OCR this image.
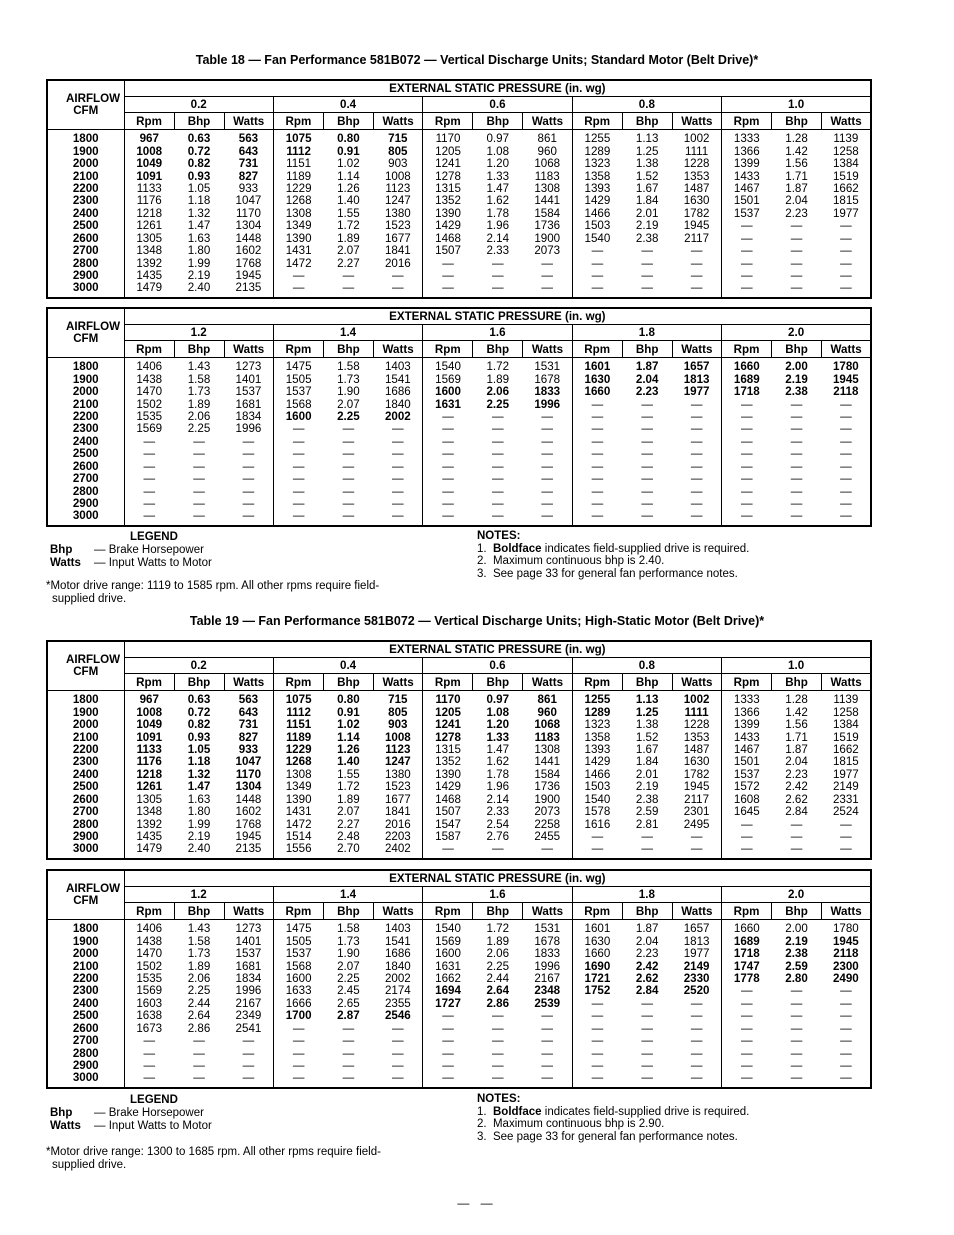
Table 18 — Fan Performance 581B072 — Vertical Discharge Units; Standard Motor (Belt Drive)*
AIRFLOW CFM	EXTERNAL STATIC PRESSURE (in. wg)														
	0.2			0.4			0.6			0.8			1.0		
	Rpm	Bhp	Watts	Rpm	Bhp	Watts	Rpm	Bhp	Watts	Rpm	Bhp	Watts	Rpm	Bhp	Watts
1800	967	0.63	563	1075	0.80	715	1170	0.97	861	1255	1.13	1002	1333	1.28	1139
1900	1008	0.72	643	1112	0.91	805	1205	1.08	960	1289	1.25	1111	1366	1.42	1258
2000	1049	0.82	731	1151	1.02	903	1241	1.20	1068	1323	1.38	1228	1399	1.56	1384
2100	1091	0.93	827	1189	1.14	1008	1278	1.33	1183	1358	1.52	1353	1433	1.71	1519
2200	1133	1.05	933	1229	1.26	1123	1315	1.47	1308	1393	1.67	1487	1467	1.87	1662
2300	1176	1.18	1047	1268	1.40	1247	1352	1.62	1441	1429	1.84	1630	1501	2.04	1815
2400	1218	1.32	1170	1308	1.55	1380	1390	1.78	1584	1466	2.01	1782	1537	2.23	1977
2500	1261	1.47	1304	1349	1.72	1523	1429	1.96	1736	1503	2.19	1945	—	—	—
2600	1305	1.63	1448	1390	1.89	1677	1468	2.14	1900	1540	2.38	2117	—	—	—
2700	1348	1.80	1602	1431	2.07	1841	1507	2.33	2073	—	—	—	—	—	—
2800	1392	1.99	1768	1472	2.27	2016	—	—	—	—	—	—	—	—	—
2900	1435	2.19	1945	—	—	—	—	—	—	—	—	—	—	—	—
3000	1479	2.40	2135	—	—	—	—	—	—	—	—	—	—	—	—
AIRFLOW CFM	EXTERNAL STATIC PRESSURE (in. wg)														
	1.2			1.4			1.6			1.8			2.0		
	Rpm	Bhp	Watts	Rpm	Bhp	Watts	Rpm	Bhp	Watts	Rpm	Bhp	Watts	Rpm	Bhp	Watts
1800	1406	1.43	1273	1475	1.58	1403	1540	1.72	1531	1601	1.87	1657	1660	2.00	1780
1900	1438	1.58	1401	1505	1.73	1541	1569	1.89	1678	1630	2.04	1813	1689	2.19	1945
2000	1470	1.73	1537	1537	1.90	1686	1600	2.06	1833	1660	2.23	1977	1718	2.38	2118
2100	1502	1.89	1681	1568	2.07	1840	1631	2.25	1996	—	—	—	—	—	—
2200	1535	2.06	1834	1600	2.25	2002	—	—	—	—	—	—	—	—	—
2300	1569	2.25	1996	—	—	—	—	—	—	—	—	—	—	—	—
2400	—	—	—	—	—	—	—	—	—	—	—	—	—	—	—
2500	—	—	—	—	—	—	—	—	—	—	—	—	—	—	—
2600	—	—	—	—	—	—	—	—	—	—	—	—	—	—	—
2700	—	—	—	—	—	—	—	—	—	—	—	—	—	—	—
2800	—	—	—	—	—	—	—	—	—	—	—	—	—	—	—
2900	—	—	—	—	—	—	—	—	—	—	—	—	—	—	—
3000	—	—	—	—	—	—	—	—	—	—	—	—	—	—	—
LEGEND
Bhp — Brake Horsepower
Watts — Input Watts to Motor
NOTES:
1.  Boldface indicates field-supplied drive is required.
2.  Maximum continuous bhp is 2.40.
3.  See page 33 for general fan performance notes.
*Motor drive range: 1119 to 1585 rpm. All other rpms require field-
supplied drive.
Table 19 — Fan Performance 581B072 — Vertical Discharge Units; High-Static Motor (Belt Drive)*
AIRFLOW CFM	EXTERNAL STATIC PRESSURE (in. wg)														
	0.2			0.4			0.6			0.8			1.0		
	Rpm	Bhp	Watts	Rpm	Bhp	Watts	Rpm	Bhp	Watts	Rpm	Bhp	Watts	Rpm	Bhp	Watts
1800	967	0.63	563	1075	0.80	715	1170	0.97	861	1255	1.13	1002	1333	1.28	1139
1900	1008	0.72	643	1112	0.91	805	1205	1.08	960	1289	1.25	1111	1366	1.42	1258
2000	1049	0.82	731	1151	1.02	903	1241	1.20	1068	1323	1.38	1228	1399	1.56	1384
2100	1091	0.93	827	1189	1.14	1008	1278	1.33	1183	1358	1.52	1353	1433	1.71	1519
2200	1133	1.05	933	1229	1.26	1123	1315	1.47	1308	1393	1.67	1487	1467	1.87	1662
2300	1176	1.18	1047	1268	1.40	1247	1352	1.62	1441	1429	1.84	1630	1501	2.04	1815
2400	1218	1.32	1170	1308	1.55	1380	1390	1.78	1584	1466	2.01	1782	1537	2.23	1977
2500	1261	1.47	1304	1349	1.72	1523	1429	1.96	1736	1503	2.19	1945	1572	2.42	2149
2600	1305	1.63	1448	1390	1.89	1677	1468	2.14	1900	1540	2.38	2117	1608	2.62	2331
2700	1348	1.80	1602	1431	2.07	1841	1507	2.33	2073	1578	2.59	2301	1645	2.84	2524
2800	1392	1.99	1768	1472	2.27	2016	1547	2.54	2258	1616	2.81	2495	—	—	—
2900	1435	2.19	1945	1514	2.48	2203	1587	2.76	2455	—	—	—	—	—	—
3000	1479	2.40	2135	1556	2.70	2402	—	—	—	—	—	—	—	—	—
AIRFLOW CFM	EXTERNAL STATIC PRESSURE (in. wg)														
	1.2			1.4			1.6			1.8			2.0		
	Rpm	Bhp	Watts	Rpm	Bhp	Watts	Rpm	Bhp	Watts	Rpm	Bhp	Watts	Rpm	Bhp	Watts
1800	1406	1.43	1273	1475	1.58	1403	1540	1.72	1531	1601	1.87	1657	1660	2.00	1780
1900	1438	1.58	1401	1505	1.73	1541	1569	1.89	1678	1630	2.04	1813	1689	2.19	1945
2000	1470	1.73	1537	1537	1.90	1686	1600	2.06	1833	1660	2.23	1977	1718	2.38	2118
2100	1502	1.89	1681	1568	2.07	1840	1631	2.25	1996	1690	2.42	2149	1747	2.59	2300
2200	1535	2.06	1834	1600	2.25	2002	1662	2.44	2167	1721	2.62	2330	1778	2.80	2490
2300	1569	2.25	1996	1633	2.45	2174	1694	2.64	2348	1752	2.84	2520	—	—	—
2400	1603	2.44	2167	1666	2.65	2355	1727	2.86	2539	—	—	—	—	—	—
2500	1638	2.64	2349	1700	2.87	2546	—	—	—	—	—	—	—	—	—
2600	1673	2.86	2541	—	—	—	—	—	—	—	—	—	—	—	—
2700	—	—	—	—	—	—	—	—	—	—	—	—	—	—	—
2800	—	—	—	—	—	—	—	—	—	—	—	—	—	—	—
2900	—	—	—	—	—	—	—	—	—	—	—	—	—	—	—
3000	—	—	—	—	—	—	—	—	—	—	—	—	—	—	—
LEGEND
Bhp — Brake Horsepower
Watts — Input Watts to Motor
NOTES:
1.  Boldface indicates field-supplied drive is required.
2.  Maximum continuous bhp is 2.90.
3.  See page 33 for general fan performance notes.
*Motor drive range: 1300 to 1685 rpm. All other rpms require field-
supplied drive.
— —
